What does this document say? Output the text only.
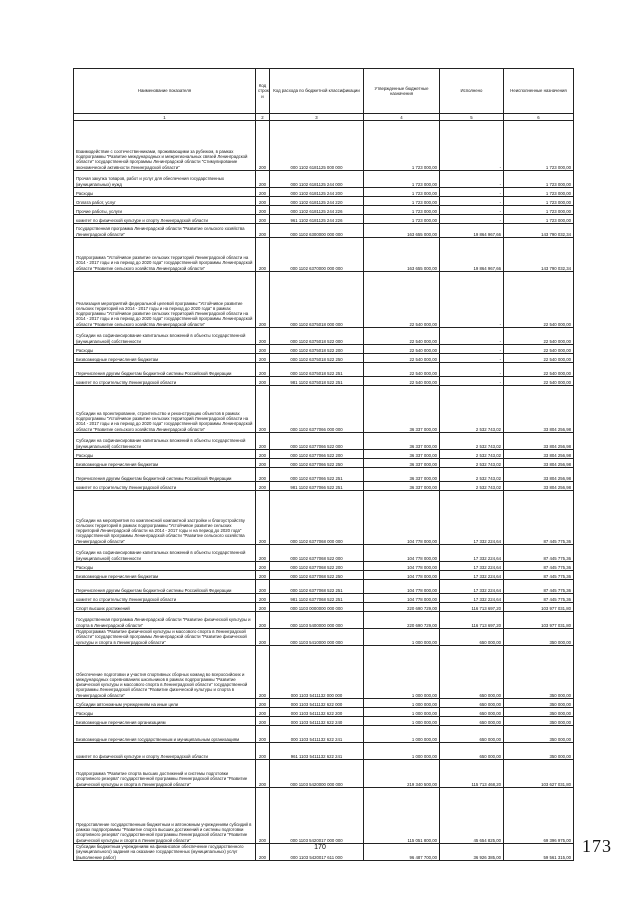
Наименование показателя	Код строк и	Код расхода по бюджетной классификации	Утвержденные бюджетные назначения	Исполнено	Неисполненные назначения
1	2	3	4	5	6
Взаимодействие с соотечественниками, проживающими за рубежом, в рамках подпрограммы "Развитие международных и межрегиональных связей Ленинградской области" государственной программы Ленинградской области "Стимулирование экономической активности Ленинградской области"	200	000 1102 6181125 000 000	1 723 000,00	-	1 723 000,00
Прочая закупка товаров, работ и услуг для обеспечения государственных (муниципальных) нужд	200	000 1102 6181125 244 000	1 723 000,00	-	1 723 000,00
Расходы	200	000 1102 6181125 244 200	1 723 000,00	-	1 723 000,00
Оплата работ, услуг	200	000 1102 6181125 244 220	1 723 000,00	-	1 723 000,00
Прочие работы, услуги	200	000 1102 6181125 244 226	1 723 000,00	-	1 723 000,00
комитет по физической культуре и спорту Ленинградской области	200	961 1102 6181125 244 226	1 723 000,00	-	1 723 000,00
Государственная программа Ленинградской области "Развитие сельского хозяйства Ленинградской области"	200	000 1102 6300000 000 000	163 655 000,00	19 864 967,66	143 790 032,34
Подпрограмма "Устойчивое развитие сельских территорий Ленинградской области на 2014 - 2017 годы и на период до 2020 года" государственной программы Ленинградской области "Развитие сельского хозяйства Ленинградской области"	200	000 1102 6370000 000 000	163 655 000,00	19 864 967,66	143 790 032,34
Реализация мероприятий федеральной целевой программы "Устойчивое развитие сельских территорий на 2014 - 2017 годы и на период до 2020 года" в рамках подпрограммы "Устойчивое развитие сельских территорий Ленинградской области на 2014 - 2017 годы и на период до 2020 года" государственной программы Ленинградской области "Развитие сельского хозяйства Ленинградской области"	200	000 1102 6375018 000 000	22 540 000,00	-	22 540 000,00
Субсидии на софинансирование капитальных вложений в объекты государственной (муниципальной) собственности	200	000 1102 6375018 522 000	22 540 000,00	-	22 540 000,00
Расходы	200	000 1102 6375018 522 200	22 540 000,00	-	22 540 000,00
Безвозмездные перечисления бюджетам	200	000 1102 6375018 522 250	22 540 000,00	-	22 540 000,00
Перечисления другим бюджетам бюджетной системы Российской Федерации	200	000 1102 6375018 522 251	22 540 000,00	-	22 540 000,00
комитет по строительству Ленинградской области	200	981 1102 6375018 522 251	22 540 000,00	-	22 540 000,00
Субсидии на проектирование, строительство и реконструкцию объектов в рамках подпрограммы "Устойчивое развитие сельских территорий Ленинградской области на 2014 - 2017 годы и на период до 2020 года" государственной программы Ленинградской области "Развитие сельского хозяйства Ленинградской области"	200	000 1102 6377066 000 000	36 337 000,00	2 532 743,02	33 804 256,98
Субсидии на софинансирование капитальных вложений в объекты государственной (муниципальной) собственности	200	000 1102 6377066 522 000	36 337 000,00	2 532 743,02	33 804 256,98
Расходы	200	000 1102 6377066 522 200	36 337 000,00	2 532 743,02	33 804 256,98
Безвозмездные перечисления бюджетам	200	000 1102 6377066 522 250	36 337 000,00	2 532 743,02	33 804 256,98
Перечисления другим бюджетам бюджетной системы Российской Федерации	200	000 1102 6377066 522 251	36 337 000,00	2 532 743,02	33 804 256,98
комитет по строительству Ленинградской области	200	981 1102 6377066 522 251	36 337 000,00	2 532 743,02	33 804 256,98
Субсидии на мероприятия по комплексной компактной застройке и благоустройству сельских территорий в рамках подпрограммы "Устойчивое развитие сельских территорий Ленинградской области на 2014 - 2017 годы и на период до 2020 года" государственной программы Ленинградской области "Развитие сельского хозяйства Ленинградской области"	200	000 1102 6377068 000 000	104 778 000,00	17 332 224,64	87 445 775,36
Субсидии на софинансирование капитальных вложений в объекты государственной (муниципальной) собственности	200	000 1102 6377068 522 000	104 778 000,00	17 332 224,64	87 445 775,36
Расходы	200	000 1102 6377068 522 200	104 778 000,00	17 332 224,64	87 445 775,36
Безвозмездные перечисления бюджетам	200	000 1102 6377068 522 250	104 778 000,00	17 332 224,64	87 445 775,36
Перечисления другим бюджетам бюджетной системы Российской Федерации	200	000 1102 6377068 522 251	104 778 000,00	17 332 224,64	87 445 775,36
комитет по строительству Ленинградской области	200	981 1102 6377068 522 251	104 778 000,00	17 332 224,64	87 445 775,36
Спорт высших достижений	200	000 1103 0000000 000 000	220 690 729,00	116 713 697,20	103 977 031,80
Государственная программа Ленинградской области "Развитие физической культуры и спорта в Ленинградской области"	200	000 1103 5400000 000 000	220 690 729,00	116 713 697,20	103 977 031,80
Подпрограмма "Развитие физической культуры и массового спорта в Ленинградской области" государственной программы Ленинградской области "Развитие физической культуры и спорта в Ленинградской области"	200	000 1103 5410000 000 000	1 000 000,00	650 000,00	350 000,00
Обеспечение подготовки и участия спортивных сборных команд во всероссийских и международных соревнованиях школьников в рамках подпрограммы "Развитие физической культуры и массового спорта в Ленинградской области" государственной программы Ленинградской области "Развитие физической культуры и спорта в Ленинградской области"	200	000 1103 5411132 000 000	1 000 000,00	650 000,00	350 000,00
Субсидии автономным учреждениям на иные цели	200	000 1103 5411132 622 000	1 000 000,00	650 000,00	350 000,00
Расходы	200	000 1103 5411132 622 200	1 000 000,00	650 000,00	350 000,00
Безвозмездные перечисления организациям	200	000 1103 5411132 622 240	1 000 000,00	650 000,00	350 000,00
Безвозмездные перечисления государственным и муниципальным организациям	200	000 1103 5411132 622 241	1 000 000,00	650 000,00	350 000,00
комитет по физической культуре и спорту Ленинградской области	200	961 1103 5411132 622 241	1 000 000,00	650 000,00	350 000,00
Подпрограмма "Развитие спорта высших достижений и системы подготовки спортивного резерва" государственной программы Ленинградской области "Развитие физической культуры и спорта в Ленинградской области"	200	000 1103 5420000 000 000	219 340 500,00	115 713 468,20	103 627 031,80
Предоставление государственным бюджетным и автономным учреждениям субсидий в рамках подпрограммы "Развитие спорта высших достижений и системы подготовки спортивного резерва" государственной программы Ленинградской области "Развитие физической культуры и спорта в Ленинградской области"	200	000 1103 5420017 000 000	115 051 800,00	45 654 825,00	69 396 975,00
Субсидии бюджетным учреждениям на финансовое обеспечение государственного (муниципального) задания на оказание государственных (муниципальных) услуг (выполнение работ)	200	000 1103 5420017 611 000	96 487 700,00	36 926 385,00	59 561 315,00
170	173
